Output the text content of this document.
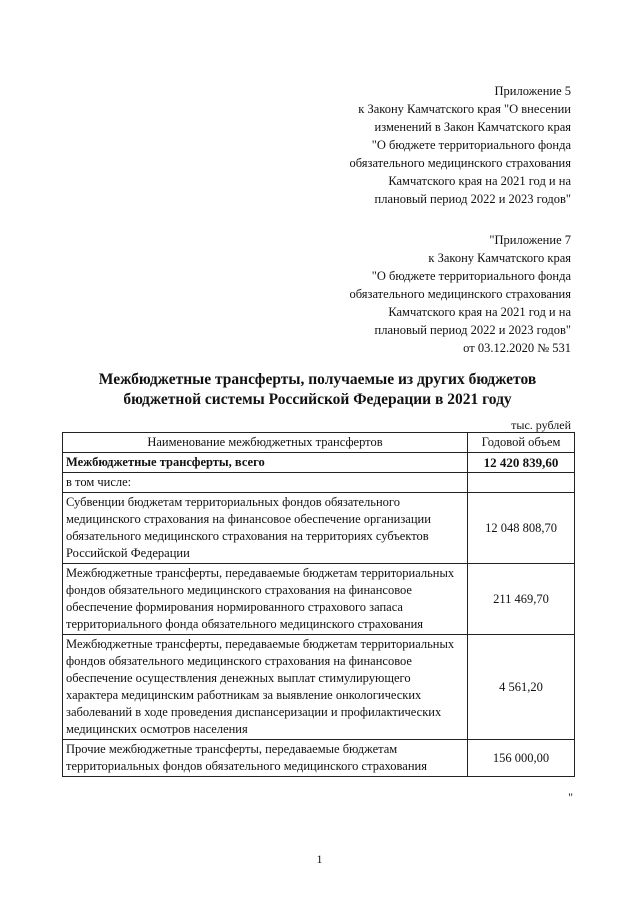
Приложение 5
к Закону Камчатского края "О внесении
изменений в Закон Камчатского края
"О бюджете территориального фонда
обязательного медицинского страхования
Камчатского края на 2021 год и на
плановый период 2022 и 2023 годов"
"Приложение 7
к Закону Камчатского края
"О бюджете территориального фонда
обязательного медицинского страхования
Камчатского края на 2021 год и на
плановый период 2022 и 2023 годов"
от 03.12.2020 № 531
Межбюджетные трансферты, получаемые из других бюджетов
бюджетной системы Российской Федерации в 2021 году
тыс. рублей
Наименование межбюджетных трансфертов	Годовой объем
Межбюджетные трансферты, всего	12 420 839,60
в том числе:	
Субвенции бюджетам территориальных фондов обязательного медицинского страхования на финансовое обеспечение организации обязательного медицинского страхования на территориях субъектов Российской Федерации	12 048 808,70
Межбюджетные трансферты, передаваемые бюджетам территориальных фондов обязательного медицинского страхования на финансовое обеспечение формирования нормированного страхового запаса территориального фонда обязательного медицинского страхования	211 469,70
Межбюджетные трансферты, передаваемые бюджетам территориальных фондов обязательного медицинского страхования на финансовое обеспечение осуществления денежных выплат стимулирующего характера медицинским работникам за выявление онкологических заболеваний в ходе проведения диспансеризации и профилактических медицинских осмотров населения	4 561,20
Прочие межбюджетные трансферты, передаваемые бюджетам территориальных фондов обязательного медицинского страхования	156 000,00
"
1
